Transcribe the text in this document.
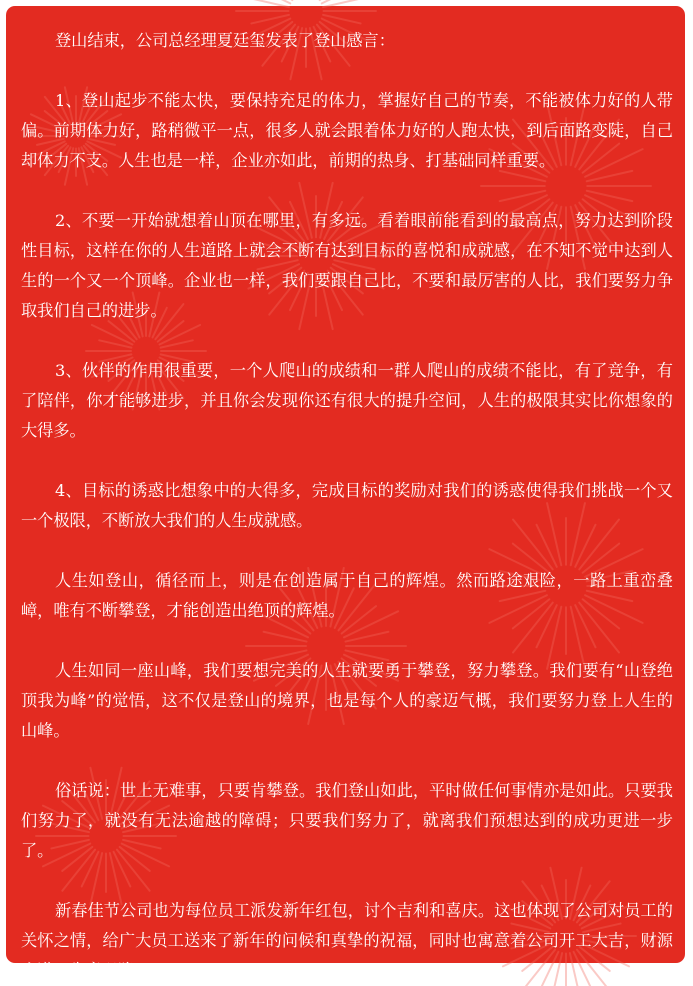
登山结束，公司总经理夏廷玺发表了登山感言：

1、登山起步不能太快，要保持充足的体力，掌握好自己的节奏，不能被体力好的人带偏。前期体力好，路稍微平一点，很多人就会跟着体力好的人跑太快，到后面路变陡，自己却体力不支。人生也是一样，企业亦如此，前期的热身、打基础同样重要。

2、不要一开始就想着山顶在哪里，有多远。看着眼前能看到的最高点，努力达到阶段性目标，这样在你的人生道路上就会不断有达到目标的喜悦和成就感，在不知不觉中达到人生的一个又一个顶峰。企业也一样，我们要跟自己比，不要和最厉害的人比，我们要努力争取我们自己的进步。

3、伙伴的作用很重要，一个人爬山的成绩和一群人爬山的成绩不能比，有了竞争，有了陪伴，你才能够进步，并且你会发现你还有很大的提升空间，人生的极限其实比你想象的大得多。

4、目标的诱惑比想象中的大得多，完成目标的奖励对我们的诱惑使得我们挑战一个又一个极限，不断放大我们的人生成就感。

人生如登山，循径而上，则是在创造属于自己的辉煌。然而路途艰险，一路上重峦叠嶂，唯有不断攀登，才能创造出绝顶的辉煌。

人生如同一座山峰，我们要想完美的人生就要勇于攀登，努力攀登。我们要有“山登绝顶我为峰”的觉悟，这不仅是登山的境界，也是每个人的豪迈气概，我们要努力登上人生的山峰。

俗话说：世上无难事，只要肯攀登。我们登山如此，平时做任何事情亦是如此。只要我们努力了，就没有无法逾越的障碍；只要我们努力了，就离我们预想达到的成功更进一步了。

新春佳节公司也为每位员工派发新年红包，讨个吉利和喜庆。这也体现了公司对员工的关怀之情，给广大员工送来了新年的问候和真挚的祝福，同时也寓意着公司开工大吉，财源广进，生意兴隆。
